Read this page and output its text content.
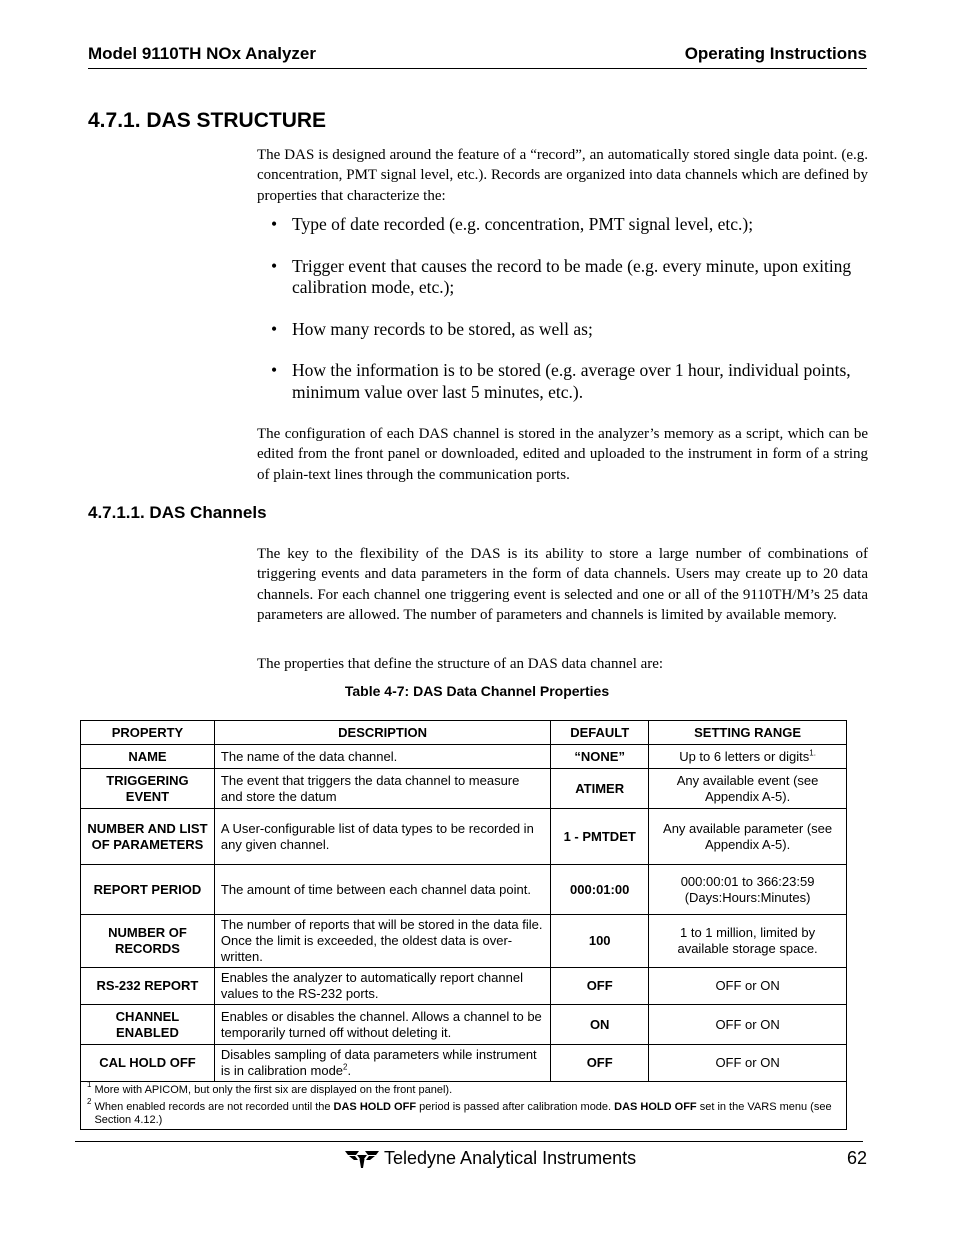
Model 9110TH NOx Analyzer	Operating Instructions
4.7.1. DAS STRUCTURE
The DAS is designed around the feature of a “record”, an automatically stored single data point. (e.g. concentration, PMT signal level, etc.). Records are organized into data channels which are defined by properties that characterize the:
• Type of date recorded (e.g. concentration, PMT signal level, etc.);
• Trigger event that causes the record to be made (e.g. every minute, upon exiting calibration mode, etc.);
• How many records to be stored, as well as;
• How the information is to be stored (e.g. average over 1 hour, individual points, minimum value over last 5 minutes, etc.).
The configuration of each DAS channel is stored in the analyzer’s memory as a script, which can be edited from the front panel or downloaded, edited and uploaded to the instrument in form of a string of plain-text lines through the communication ports.
4.7.1.1. DAS Channels
The key to the flexibility of the DAS is its ability to store a large number of combinations of triggering events and data parameters in the form of data channels. Users may create up to 20 data channels. For each channel one triggering event is selected and one or all of the 9110TH/M’s 25 data parameters are allowed. The number of parameters and channels is limited by available memory.
The properties that define the structure of an DAS data channel are:
Table 4-7: DAS Data Channel Properties
PROPERTY	DESCRIPTION	DEFAULT	SETTING RANGE
NAME	The name of the data channel.	“NONE”	Up to 6 letters or digits$^{1.}$
TRIGGERING EVENT	The event that triggers the data channel to measure and store the datum	ATIMER	Any available event (see Appendix A-5).
NUMBER AND LIST OF PARAMETERS	A User-configurable list of data types to be recorded in any given channel.	1 - PMTDET	Any available parameter (see Appendix A-5).
REPORT PERIOD	The amount of time between each channel data point.	000:01:00	000:00:01 to 366:23:59 (Days:Hours:Minutes)
NUMBER OF RECORDS	The number of reports that will be stored in the data file. Once the limit is exceeded, the oldest data is over-written.	100	1 to 1 million, limited by available storage space.
RS-232 REPORT	Enables the analyzer to automatically report channel values to the RS-232 ports.	OFF	OFF or ON
CHANNEL ENABLED	Enables or disables the channel. Allows a channel to be temporarily turned off without deleting it.	ON	OFF or ON
CAL HOLD OFF	Disables sampling of data parameters while instrument is in calibration mode$^2$.	OFF	OFF or ON

1 More with APICOM, but only the first six are displayed on the front panel).
2 When enabled records are not recorded until the DAS HOLD OFF period is passed after calibration mode. DAS HOLD OFF set in the VARS menu (see Section 4.12.)			
Teledyne Analytical Instruments	62
